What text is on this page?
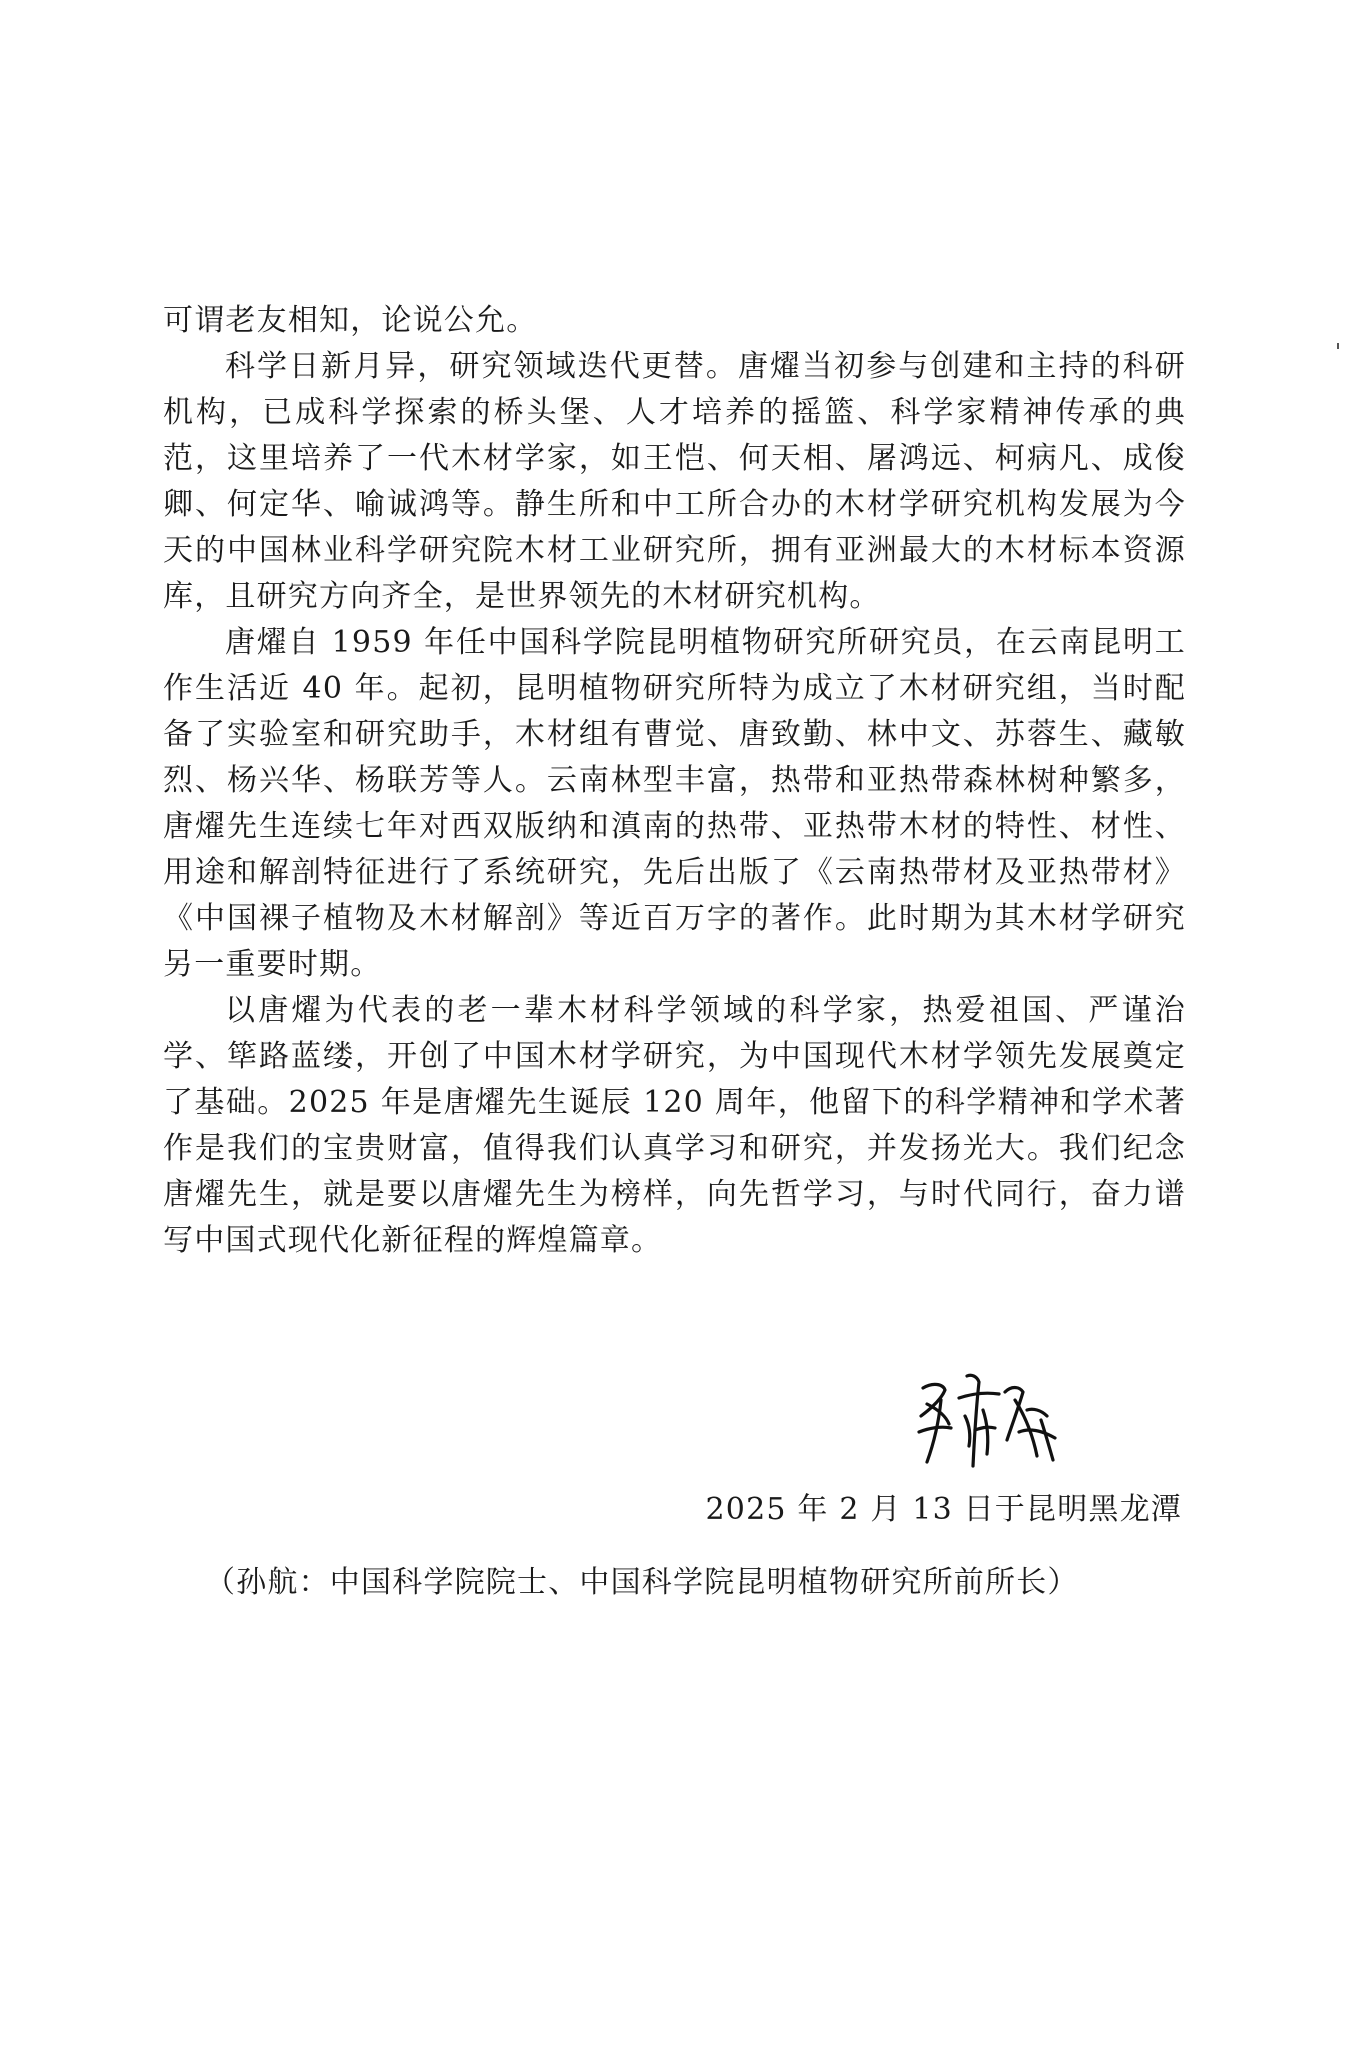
可谓老友相知，论说公允。

科学日新月异，研究领域迭代更替。唐燿当初参与创建和主持的科研机构，已成科学探索的桥头堡、人才培养的摇篮、科学家精神传承的典范，这里培养了一代木材学家，如王恺、何天相、屠鸿远、柯病凡、成俊卿、何定华、喻诚鸿等。静生所和中工所合办的木材学研究机构发展为今天的中国林业科学研究院木材工业研究所，拥有亚洲最大的木材标本资源库，且研究方向齐全，是世界领先的木材研究机构。

唐燿自 1959 年任中国科学院昆明植物研究所研究员，在云南昆明工作生活近 40 年。起初，昆明植物研究所特为成立了木材研究组，当时配备了实验室和研究助手，木材组有曹觉、唐致勤、林中文、苏蓉生、藏敏烈、杨兴华、杨联芳等人。云南林型丰富，热带和亚热带森林树种繁多，唐燿先生连续七年对西双版纳和滇南的热带、亚热带木材的特性、材性、用途和解剖特征进行了系统研究，先后出版了《云南热带材及亚热带材》《中国裸子植物及木材解剖》等近百万字的著作。此时期为其木材学研究另一重要时期。

以唐燿为代表的老一辈木材科学领域的科学家，热爱祖国、严谨治学、筚路蓝缕，开创了中国木材学研究，为中国现代木材学领先发展奠定了基础。2025 年是唐燿先生诞辰 120 周年，他留下的科学精神和学术著作是我们的宝贵财富，值得我们认真学习和研究，并发扬光大。我们纪念唐燿先生，就是要以唐燿先生为榜样，向先哲学习，与时代同行，奋力谱写中国式现代化新征程的辉煌篇章。

2025 年 2 月 13 日于昆明黑龙潭
（孙航：中国科学院院士、中国科学院昆明植物研究所前所长）
